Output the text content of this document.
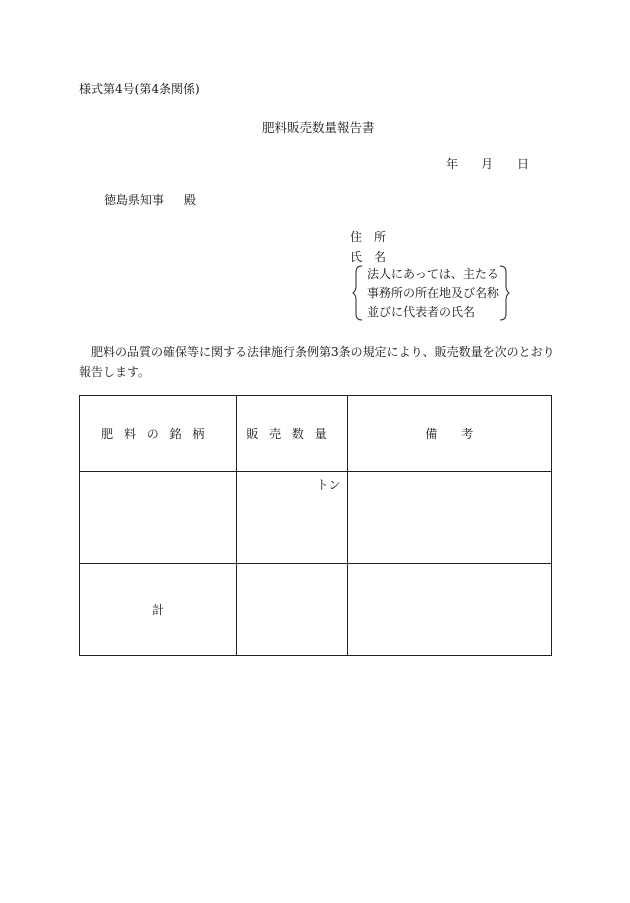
様式第4号(第4条関係)
肥料販売数量報告書
年 月 日
徳島県知事 殿
住 所
氏 名
法人にあっては、主たる
事務所の所在地及び名称
並びに代表者の氏名
肥料の品質の確保等に関する法律施行条例第3条の規定により、販売数量を次のとおり報告します。
肥料の銘柄	販売数量	備　　考

	トン	

計		
